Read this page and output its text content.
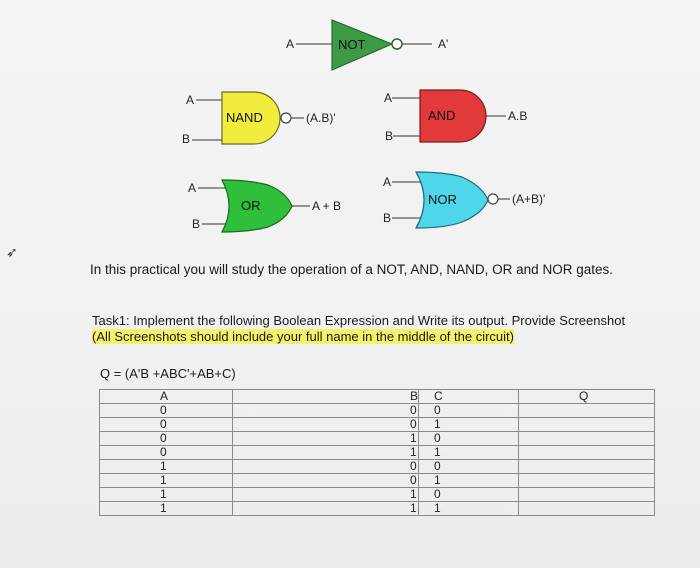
➶
A	NOT	A'
A
B
NAND	(A.B)'
A
B
AND	A.B
A
B
OR	A + B
A
B
NOR	(A+B)'
In this practical you will study the operation of a NOT, AND, NAND, OR and NOR gates.
Task1: Implement the following Boolean Expression and Write its output. Provide Screenshot (All Screenshots should include your full name in the middle of the circuit)
Q = (A'B +ABC'+AB+C)
A	B	C	Q
0	0	0	
0	0	1	
0	1	0	
0	1	1	
1	0	0	
1	0	1	
1	1	0	
1	1	1	
